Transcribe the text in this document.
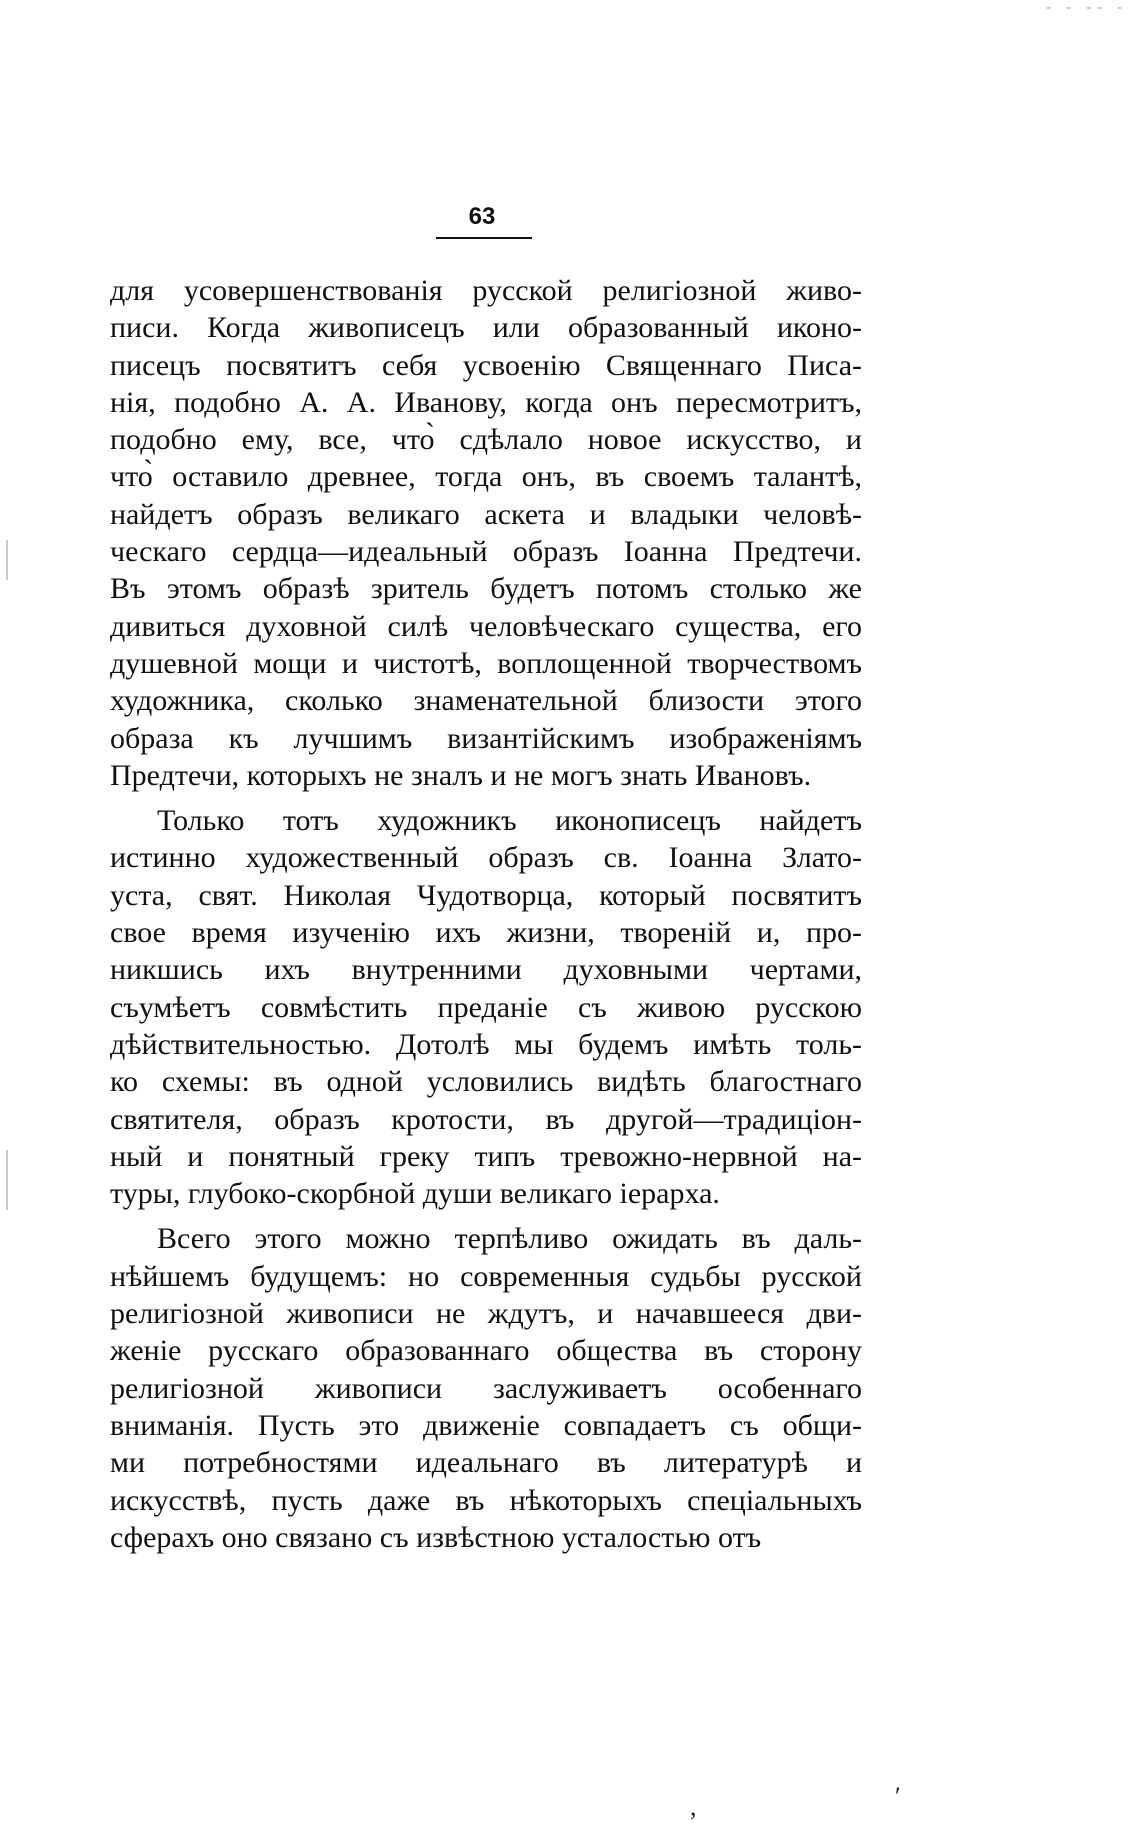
‑ ‑ ‑‑ ‑
63
для усовершенствованія русской религіозной живо-
писи. Когда живописецъ или образованный иконо-
писецъ посвятитъ себя усвоенію Священнаго Писа-
нія, подобно А. А. Иванову, когда онъ пересмотритъ,
подобно ему, все, что̀ сдѣлало новое искусство, и
что̀ оставило древнее, тогда онъ, въ своемъ талантѣ,
найдетъ образъ великаго аскета и владыки человѣ-
ческаго сердца—идеальный образъ Іоанна Предтечи.
Въ этомъ образѣ зритель будетъ потомъ столько же
дивиться духовной силѣ человѣческаго существа, его
душевной мощи и чистотѣ, воплощенной творчествомъ
художника, сколько знаменательной близости этого
образа къ лучшимъ византійскимъ изображеніямъ
Предтечи, которыхъ не зналъ и не могъ знать Ивановъ.
Только тотъ художникъ иконописецъ найдетъ
истинно художественный образъ св. Іоанна Злато-
уста, свят. Николая Чудотворца, который посвятитъ
свое время изученію ихъ жизни, твореній и, про-
никшись ихъ внутренними духовными чертами,
съумѣетъ совмѣстить преданіе съ живою русскою
дѣйствительностью. Дотолѣ мы будемъ имѣть толь-
ко схемы: въ одной условились видѣть благостнаго
святителя, образъ кротости, въ другой—традиціон-
ный и понятный греку типъ тревожно-нервной на-
туры, глубоко-скорбной души великаго іерарха.
Всего этого можно терпѣливо ожидать въ даль-
нѣйшемъ будущемъ: но современныя судьбы русской
религіозной живописи не ждутъ, и начавшееся дви-
женіе русскаго образованнаго общества въ сторону
религіозной живописи заслуживаетъ особеннаго
вниманія. Пусть это движеніе совпадаетъ съ общи-
ми потребностями идеальнаго въ литературѣ и
искусствѣ, пусть даже въ нѣкоторыхъ спеціальныхъ
сферахъ оно связано съ извѣстною усталостью отъ
,	′
